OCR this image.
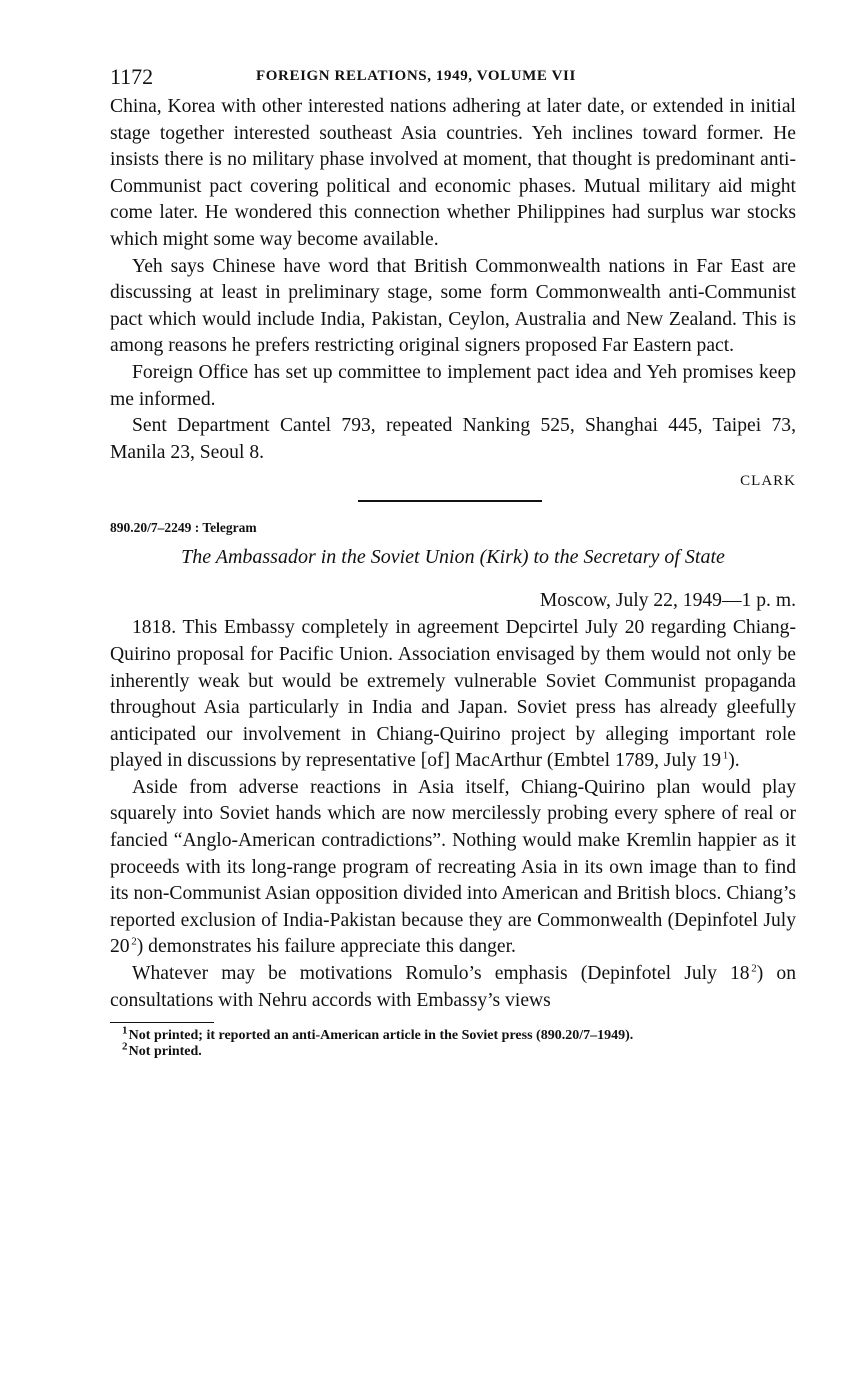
1172	FOREIGN RELATIONS, 1949, VOLUME VII

China, Korea with other interested nations adhering at later date, or extended in initial stage together interested southeast Asia countries. Yeh inclines toward former. He insists there is no military phase involved at moment, that thought is predominant anti-Communist pact covering political and economic phases. Mutual military aid might come later. He wondered this connection whether Philippines had surplus war stocks which might some way become available.

Yeh says Chinese have word that British Commonwealth nations in Far East are discussing at least in preliminary stage, some form Commonwealth anti-Communist pact which would include India, Pakistan, Ceylon, Australia and New Zealand. This is among reasons he prefers restricting original signers proposed Far Eastern pact.

Foreign Office has set up committee to implement pact idea and Yeh promises keep me informed.

Sent Department Cantel 793, repeated Nanking 525, Shanghai 445, Taipei 73, Manila 23, Seoul 8.

CLARK
890.20/7–2249 : Telegram
The Ambassador in the Soviet Union (Kirk) to the Secretary of State
Moscow, July 22, 1949—1 p. m.

1818. This Embassy completely in agreement Depcirtel July 20 regarding Chiang-Quirino proposal for Pacific Union. Association envisaged by them would not only be inherently weak but would be extremely vulnerable Soviet Communist propaganda throughout Asia particularly in India and Japan. Soviet press has already gleefully anticipated our involvement in Chiang-Quirino project by alleging important role played in discussions by representative [of] MacArthur (Embtel 1789, July 19  $^1$).

Aside from adverse reactions in Asia itself, Chiang-Quirino plan would play squarely into Soviet hands which are now mercilessly probing every sphere of real or fancied “Anglo-American contradictions”. Nothing would make Kremlin happier as it proceeds with its long-range program of recreating Asia in its own image than to find its non-Communist Asian opposition divided into American and British blocs. Chiang’s reported exclusion of India-Pakistan because they are Commonwealth (Depinfotel July 20  $^2$) demonstrates his failure appreciate this danger.

Whatever may be motivations Romulo’s emphasis (Depinfotel July 18  $^2$) on consultations with Nehru accords with Embassy’s views

$^1$ Not printed; it reported an anti-American article in the Soviet press (890.20/7–1949).

$^2$ Not printed.
